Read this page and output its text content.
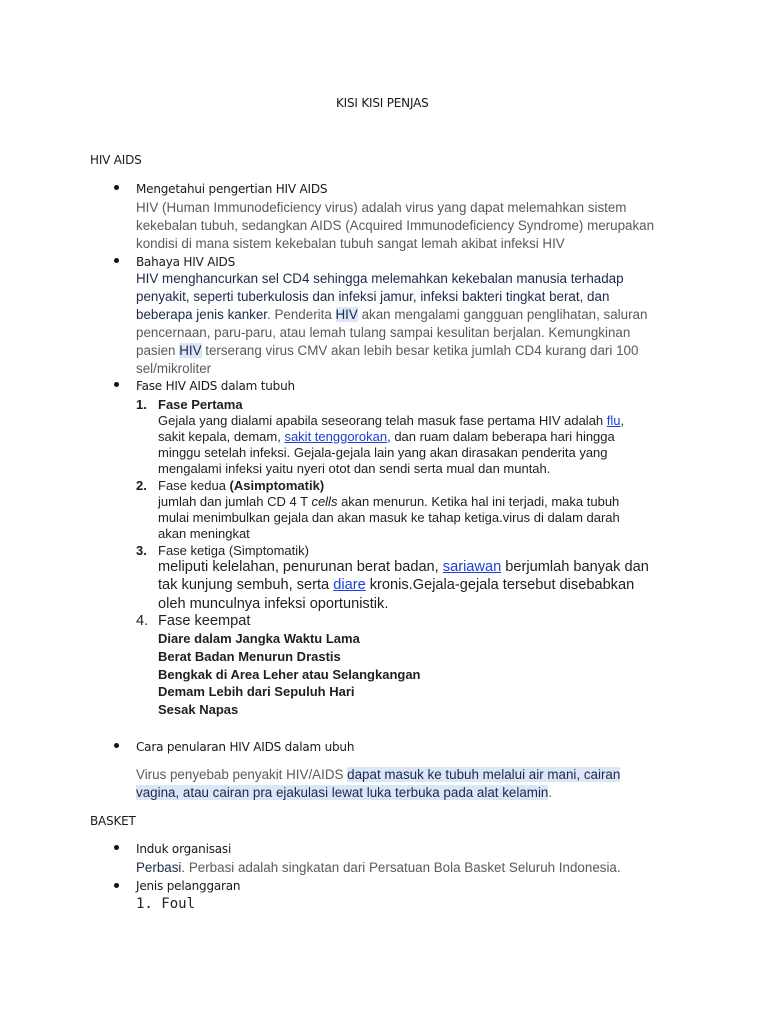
KISI KISI PENJAS
HIV AIDS
Mengetahui pengertian HIV AIDS
HIV (Human Immunodeficiency virus) adalah virus yang dapat melemahkan sistem
kekebalan tubuh, sedangkan AIDS (Acquired Immunodeficiency Syndrome) merupakan
kondisi di mana sistem kekebalan tubuh sangat lemah akibat infeksi HIV
Bahaya HIV AIDS
HIV menghancurkan sel CD4 sehingga melemahkan kekebalan manusia terhadap
penyakit, seperti tuberkulosis dan infeksi jamur, infeksi bakteri tingkat berat, dan
beberapa jenis kanker. Penderita HIV akan mengalami gangguan penglihatan, saluran
pencernaan, paru-paru, atau lemah tulang sampai kesulitan berjalan. Kemungkinan
pasien HIV terserang virus CMV akan lebih besar ketika jumlah CD4 kurang dari 100
sel/mikroliter
Fase HIV AIDS dalam tubuh
1. Fase Pertama
Gejala yang dialami apabila seseorang telah masuk fase pertama HIV adalah flu,
sakit kepala, demam, sakit tenggorokan, dan ruam dalam beberapa hari hingga
minggu setelah infeksi. Gejala-gejala lain yang akan dirasakan penderita yang
mengalami infeksi yaitu nyeri otot dan sendi serta mual dan muntah.
2. Fase kedua (Asimptomatik)
jumlah dan jumlah CD 4 T cells akan menurun. Ketika hal ini terjadi, maka tubuh
mulai menimbulkan gejala dan akan masuk ke tahap ketiga.virus di dalam darah
akan meningkat
3. Fase ketiga (Simptomatik)
meliputi kelelahan, penurunan berat badan, sariawan berjumlah banyak dan
tak kunjung sembuh, serta diare kronis.Gejala-gejala tersebut disebabkan
oleh munculnya infeksi oportunistik.
4. Fase keempat
Diare dalam Jangka Waktu Lama
Berat Badan Menurun Drastis
Bengkak di Area Leher atau Selangkangan
Demam Lebih dari Sepuluh Hari
Sesak Napas
Cara penularan HIV AIDS dalam ubuh
Virus penyebab penyakit HIV/AIDS dapat masuk ke tubuh melalui air mani, cairan
vagina, atau cairan pra ejakulasi lewat luka terbuka pada alat kelamin.
BASKET
Induk organisasi
Perbasi. Perbasi adalah singkatan dari Persatuan Bola Basket Seluruh Indonesia.
Jenis pelanggaran
1. Foul
